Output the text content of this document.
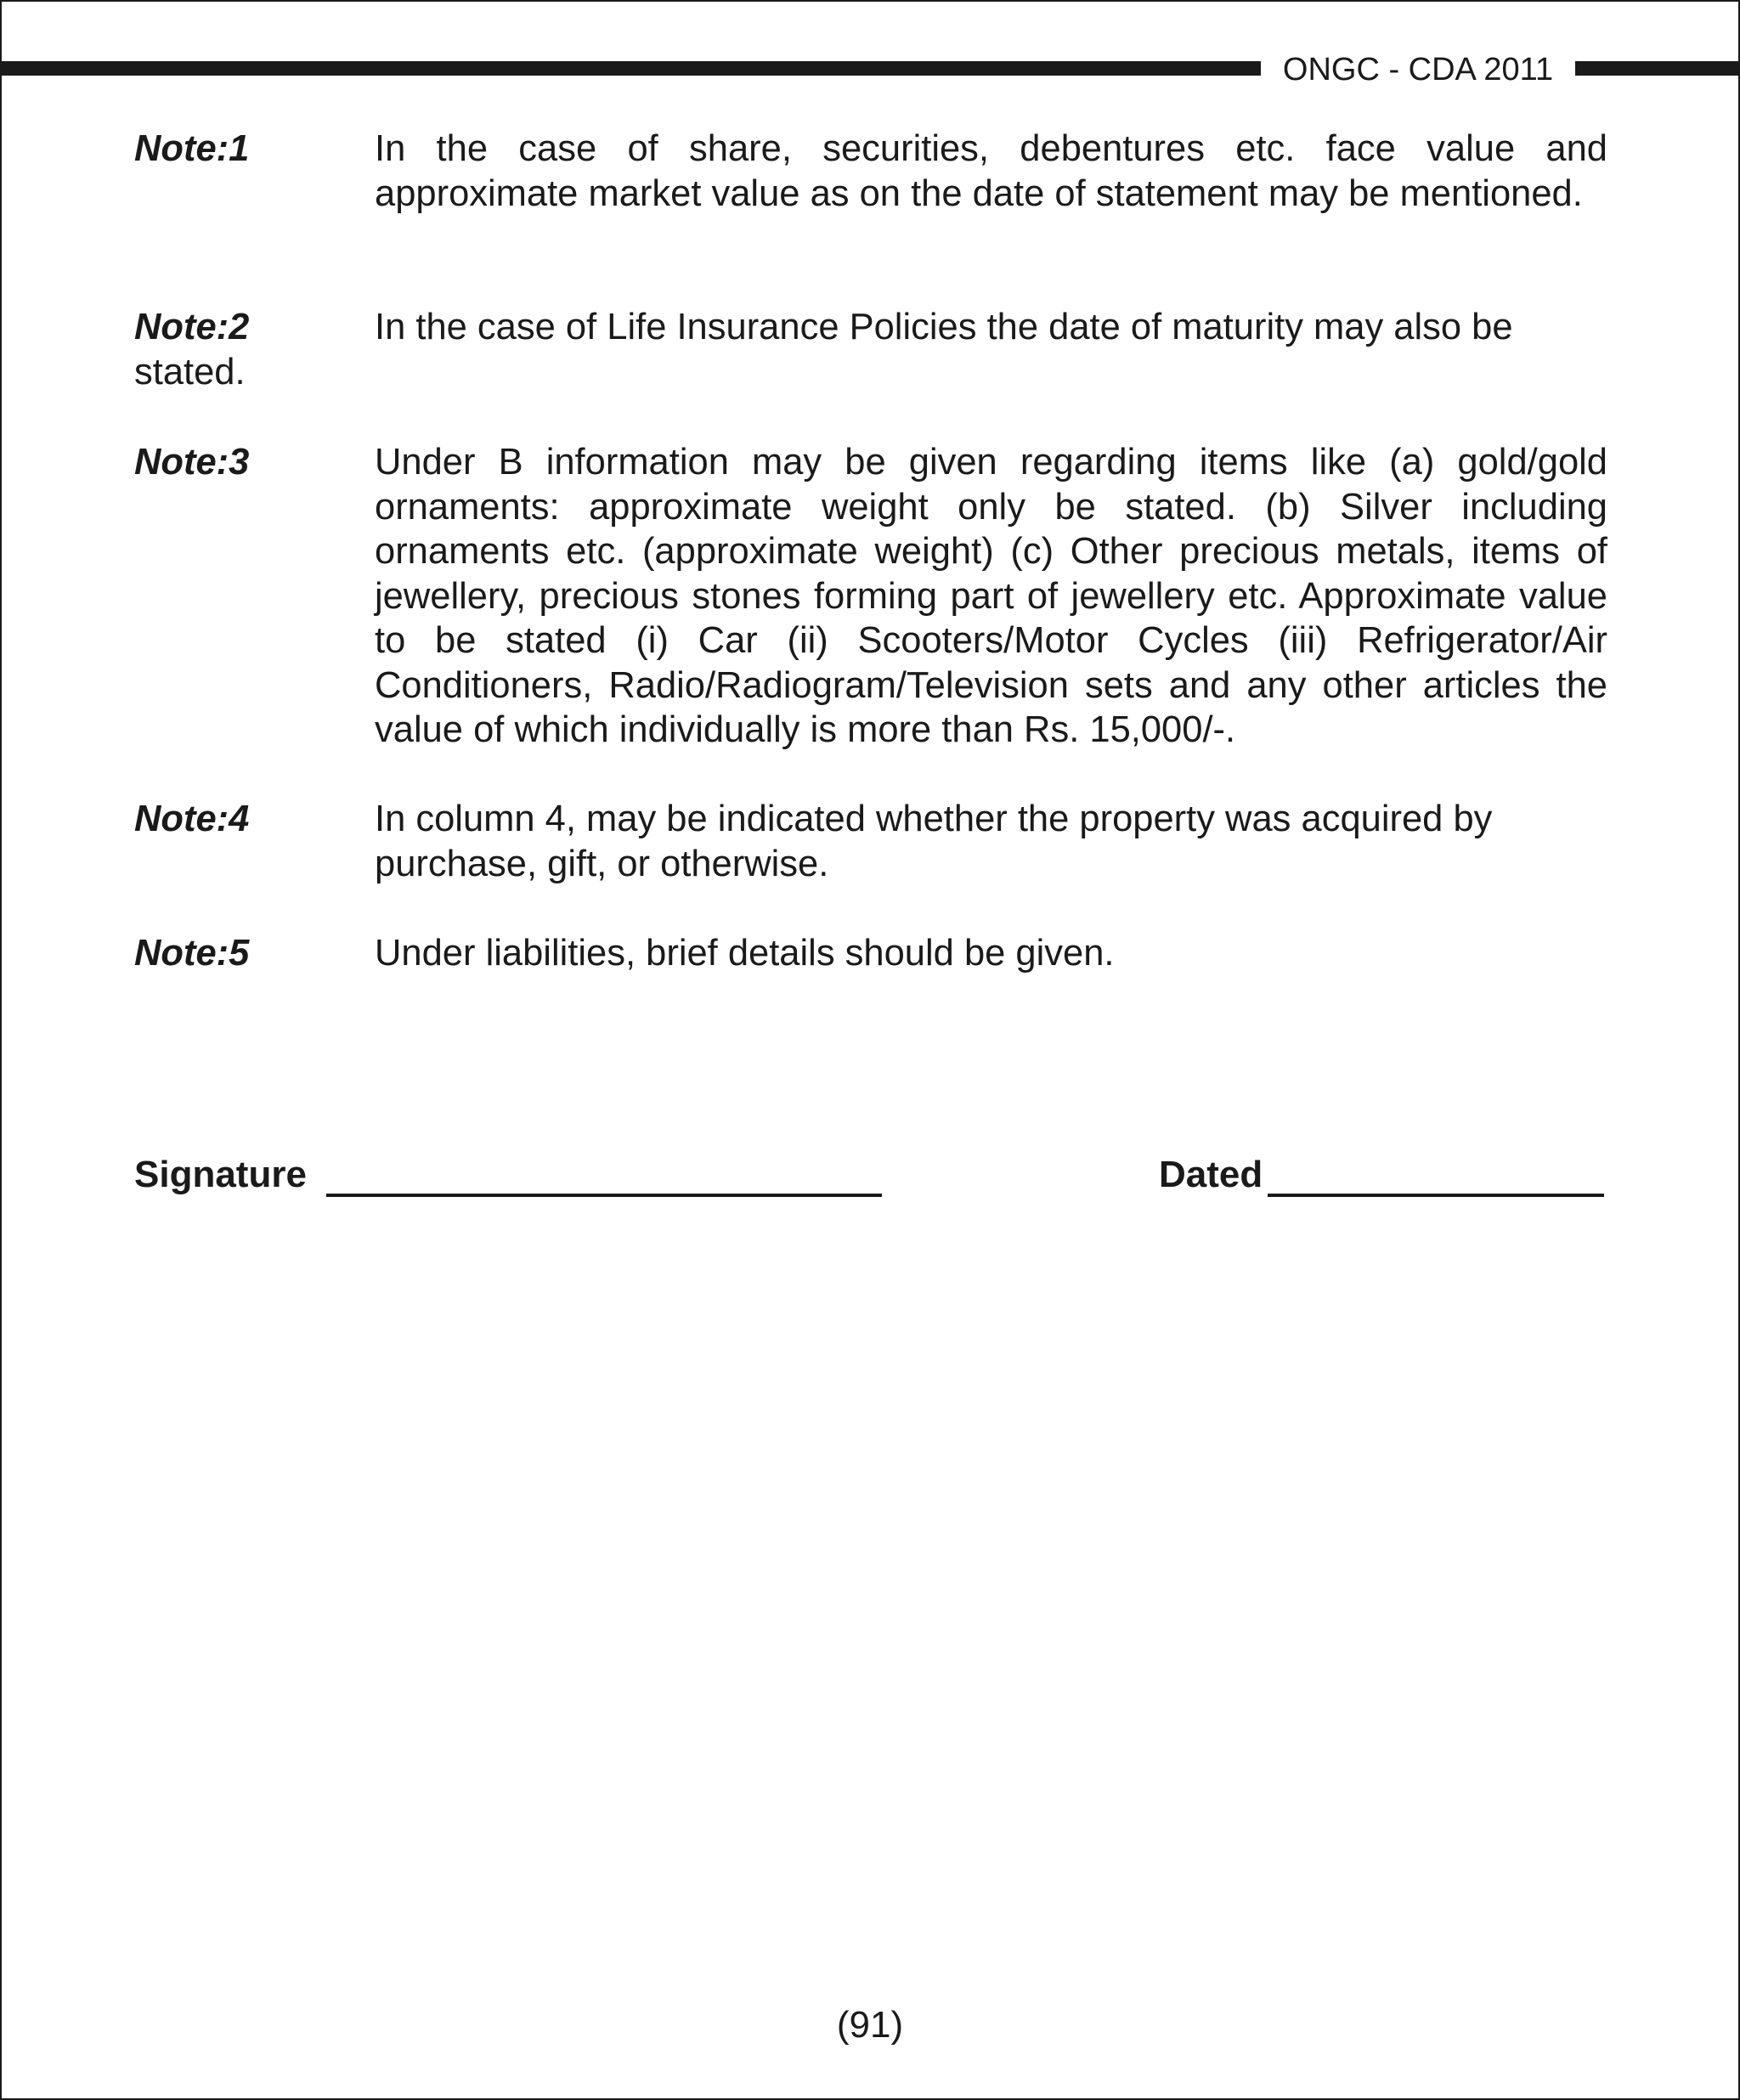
ONGC - CDA 2011
Note:1	In the case of share, securities, debentures etc. face value and approximate market value as on the date of statement may be mentioned.
Note:2	In the case of Life Insurance Policies the date of maturity may also be
stated.
Note:3	Under B information may be given regarding items like (a) gold/gold ornaments: approximate weight only be stated. (b) Silver including ornaments etc. (approximate weight) (c) Other precious metals, items of jewellery, precious stones forming part of jewellery etc. Approximate value to be stated (i) Car (ii) Scooters/Motor Cycles (iii) Refrigerator/Air Conditioners, Radio/Radiogram/Television sets and any other articles the value of which individually is more than Rs. 15,000/-.
Note:4	In column 4, may be indicated whether the property was acquired by purchase, gift, or otherwise.
Note:5	Under liabilities, brief details should be given.
Signature	Dated
(91)
